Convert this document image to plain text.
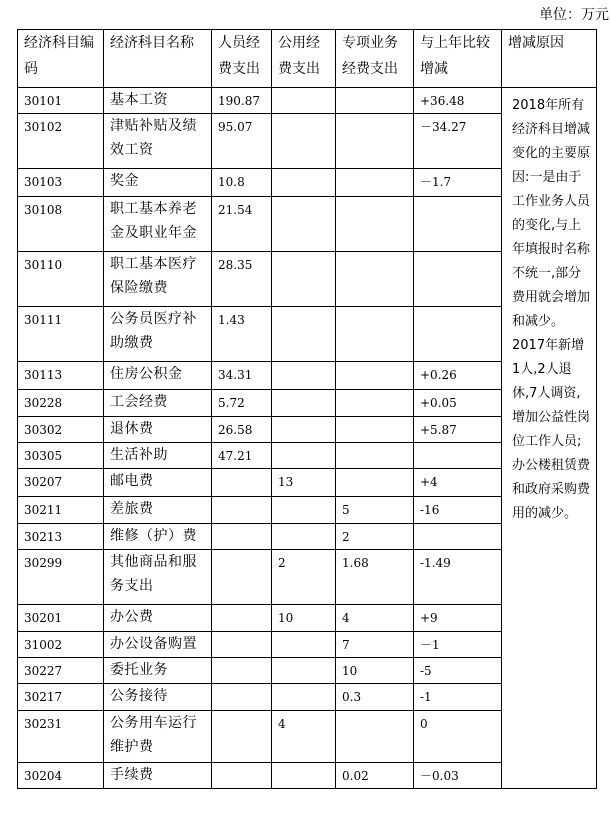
单位：万元
经济科目编码	经济科目名称	人员经费支出	公用经费支出	专项业务经费支出	与上年比较增减	增减原因
30101	基本工资	190.87			+36.48	2018年所有经济科目增减变化的主要原因:一是由于工作业务人员的变化,与上年填报时名称不统一,部分费用就会增加和减少。2017年新增1人,2人退休,7人调资,增加公益性岗位工作人员;办公楼租赁费和政府采购费用的减少。
30102	津贴补贴及绩效工资	95.07			－34.27	
30103	奖金	10.8			－1.7	
30108	职工基本养老金及职业年金	21.54				
30110	职工基本医疗保险缴费	28.35				
30111	公务员医疗补助缴费	1.43				
30113	住房公积金	34.31			+0.26	
30228	工会经费	5.72			+0.05	
30302	退休费	26.58			+5.87	
30305	生活补助	47.21				
30207	邮电费		13		+4	
30211	差旅费			5	-16	
30213	维修（护）费			2		
30299	其他商品和服务支出		2	1.68	-1.49	
30201	办公费		10	4	+9	
31002	办公设备购置			7	－1	
30227	委托业务			10	-5	
30217	公务接待			0.3	-1	
30231	公务用车运行维护费		4		0	
30204	手续费			0.02	－0.03	
